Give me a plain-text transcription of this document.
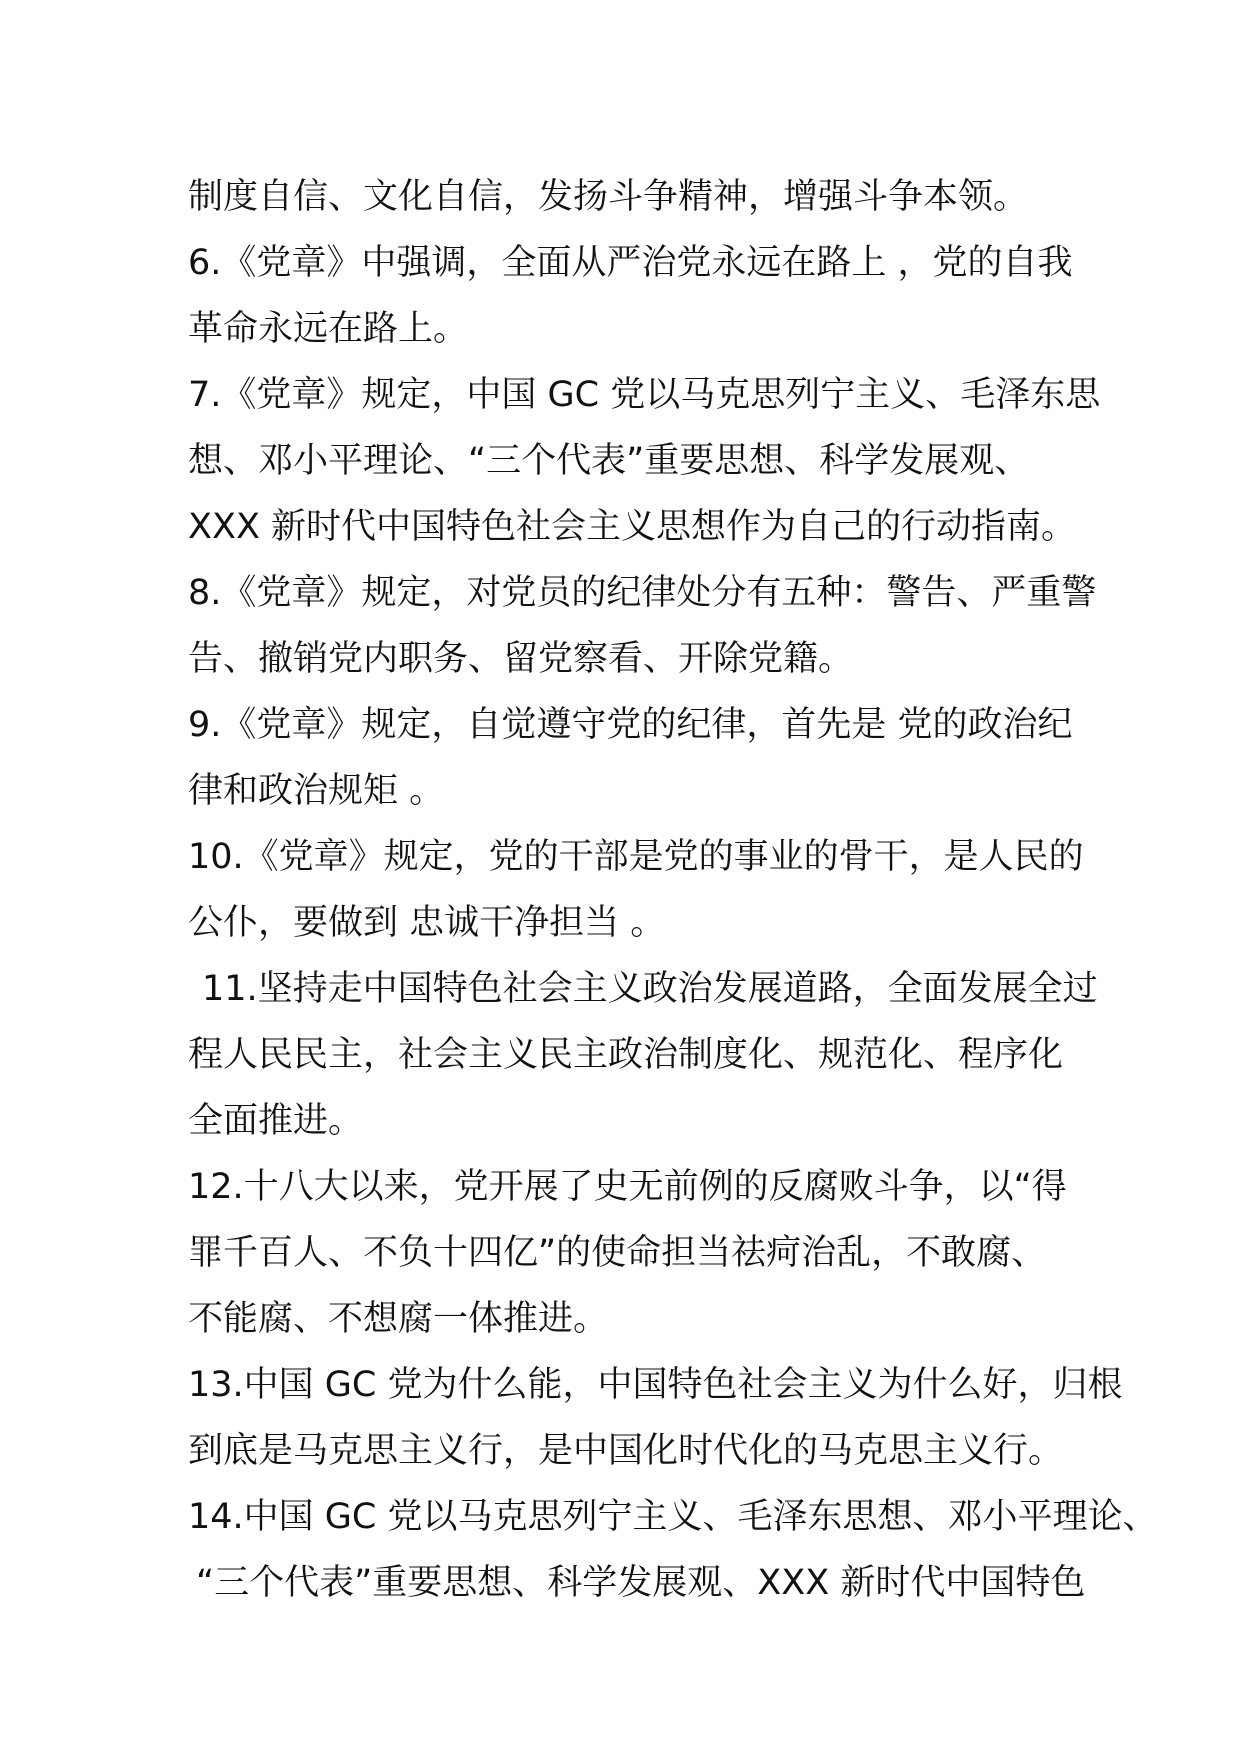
制度自信、文化自信，发扬斗争精神，增强斗争本领。
6.《党章》中强调，全面从严治党永远在路上 ，党的自我
革命永远在路上。
7.《党章》规定，中国 GC 党以马克思列宁主义、毛泽东思
想、邓小平理论、“三个代表”重要思想、科学发展观、
XXX 新时代中国特色社会主义思想作为自己的行动指南。
8.《党章》规定，对党员的纪律处分有五种：警告、严重警
告、撤销党内职务、留党察看、开除党籍。
9.《党章》规定，自觉遵守党的纪律，首先是 党的政治纪
律和政治规矩 。
10.《党章》规定，党的干部是党的事业的骨干，是人民的
公仆，要做到 忠诚干净担当 。
11.坚持走中国特色社会主义政治发展道路，全面发展全过
程人民民主，社会主义民主政治制度化、规范化、程序化
全面推进。
12.十八大以来，党开展了史无前例的反腐败斗争，以“得
罪千百人、不负十四亿”的使命担当祛疴治乱，不敢腐、
不能腐、不想腐一体推进。
13.中国 GC 党为什么能，中国特色社会主义为什么好，归根
到底是马克思主义行，是中国化时代化的马克思主义行。
14.中国 GC 党以马克思列宁主义、毛泽东思想、邓小平理论、
“三个代表”重要思想、科学发展观、XXX 新时代中国特色
